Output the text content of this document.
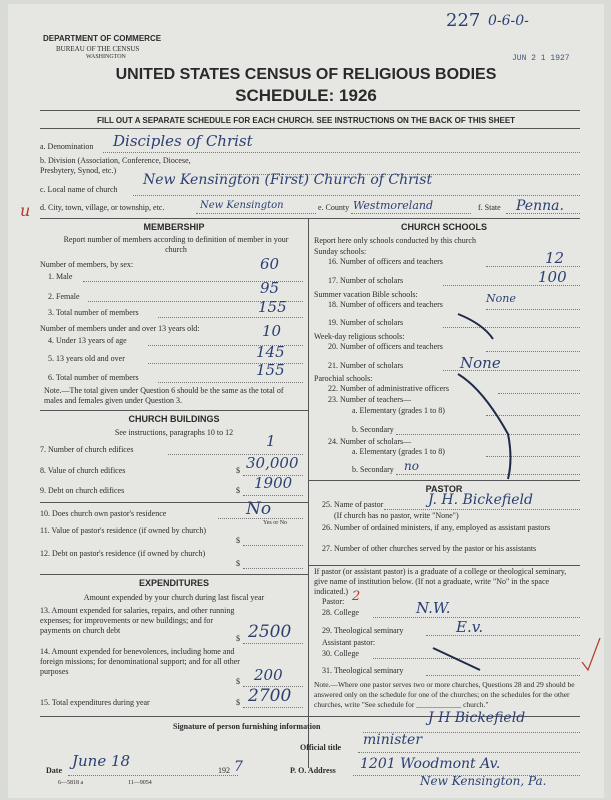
DEPARTMENT OF COMMERCE
BUREAU OF THE CENSUS
WASHINGTON
227 0-6-0-
JUN 2 1 1927
UNITED STATES CENSUS OF RELIGIOUS BODIES
SCHEDULE: 1926
FILL OUT A SEPARATE SCHEDULE FOR EACH CHURCH. SEE INSTRUCTIONS ON THE BACK OF THIS SHEET
a. Denomination Disciples of Christ
b. Division (Association, Conference, Diocese, Presbytery, Synod, etc.)
c. Local name of church
New Kensington (First) Church of Christ
u d. City, town, village, or township, etc.	New Kensington	e. County Westmoreland	f. State Penna.
MEMBERSHIP
Report number of members according to definition of member in your church
Number of members, by sex:
1. Male
60
2. Female	95
3. Total number of members	155
Number of members under and over 13 years old:
4. Under 13 years of age
10
5. 13 years old and over	145
6. Total number of members	155
Note.—The total given under Question 6 should be the same as the total of males and females given under Question 3.
CHURCH BUILDINGS
See instructions, paragraphs 10 to 12
7. Number of church edifices	1
8. Value of church edifices	$ 30,000
9. Debt on church edifices	$ 1900
10. Does church own pastor's residence	No
Yes or No
11. Value of pastor's residence (if owned by church)
$
12. Debt on pastor's residence (if owned by church)
$
EXPENDITURES
Amount expended by your church during last fiscal year
13. Amount expended for salaries, repairs, and other running expenses; for improvements or new buildings; and for payments on church debt
$ 2500
14. Amount expended for benevolences, including home and foreign missions; for denominational support; and for all other purposes
$ 200
15. Total expenditures during year	$ 2700
CHURCH SCHOOLS
Report here only schools conducted by this church
Sunday schools:
16. Number of officers and teachers	12
17. Number of scholars	100
Summer vacation Bible schools:
18. Number of officers and teachers	None
19. Number of scholars
Week-day religious schools:
20. Number of officers and teachers
21. Number of scholars	None
Parochial schools:
22. Number of administrative officers
23. Number of teachers—
a. Elementary (grades 1 to 8)
b. Secondary
24. Number of scholars—
a. Elementary (grades 1 to 8)
b. Secondary no
PASTOR
25. Name of pastor	J. H. Bickefield
(If church has no pastor, write "None")
26. Number of ordained ministers, if any, employed as assistant pastors
27. Number of other churches served by the pastor or his assistants
If pastor (or assistant pastor) is a graduate of a college or theological seminary, give name of institution below. (If not a graduate, write "No" in the space indicated.)
Pastor: 2
28. College	N.W.
29. Theological seminary	E.v.
Assistant pastor:
30. College
31. Theological seminary
Note.—Where one pastor serves two or more churches, Questions 28 and 29 should be answered only on the schedule for one of the churches; on the schedules for the other churches, write "See schedule for ____________ church."
Signature of person furnishing information
J H Bickefield
Official title minister
Date
June 18
192 7	P. O. Address 1201 Woodmont Av.
New Kensington, Pa.
6—5818 a	11—9054
